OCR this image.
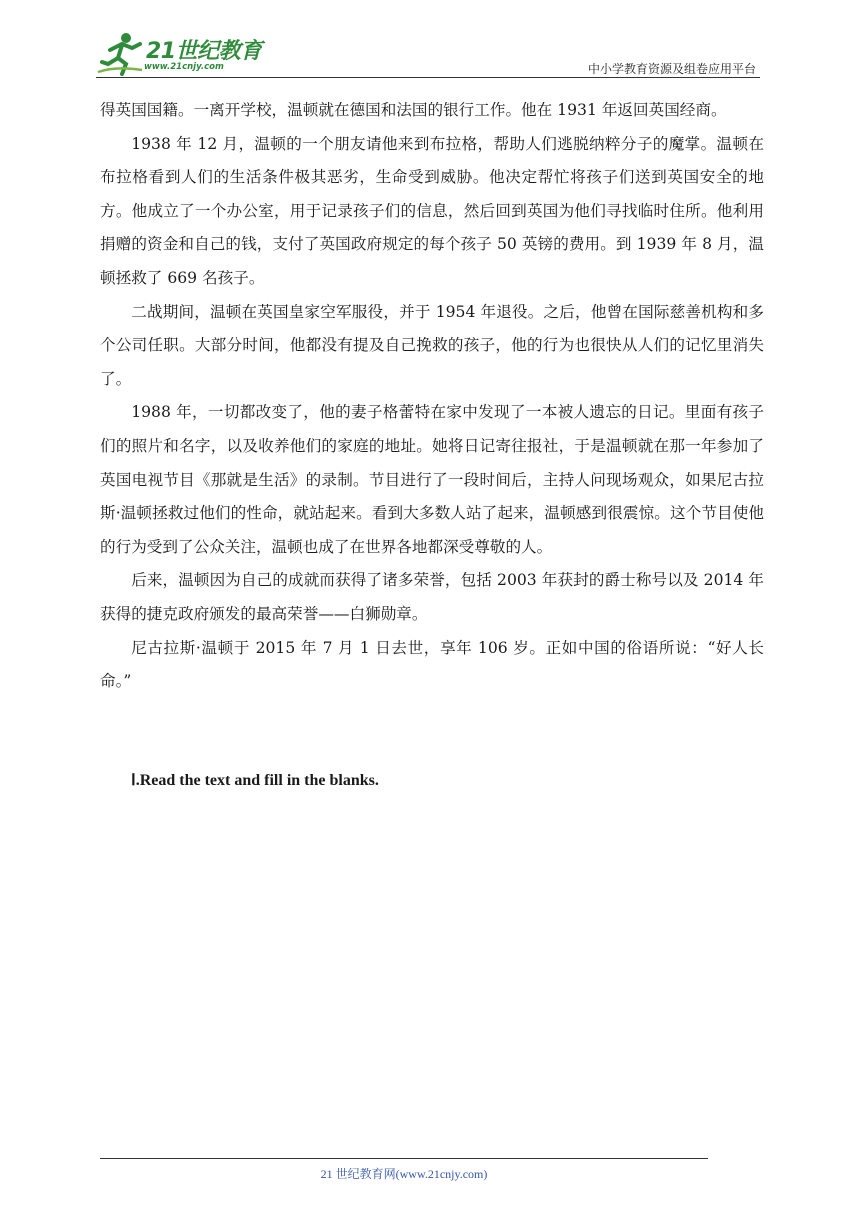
21世纪教育
www.21cnjy.com	中小学教育资源及组卷应用平台

得英国国籍。一离开学校，温顿就在德国和法国的银行工作。他在 1931 年返回英国经商。

1938 年 12 月，温顿的一个朋友请他来到布拉格，帮助人们逃脱纳粹分子的魔掌。温顿在布拉格看到人们的生活条件极其恶劣，生命受到威胁。他决定帮忙将孩子们送到英国安全的地方。他成立了一个办公室，用于记录孩子们的信息，然后回到英国为他们寻找临时住所。他利用捐赠的资金和自己的钱，支付了英国政府规定的每个孩子 50 英镑的费用。到 1939 年 8 月，温顿拯救了 669 名孩子。

二战期间，温顿在英国皇家空军服役，并于 1954 年退役。之后，他曾在国际慈善机构和多个公司任职。大部分时间，他都没有提及自己挽救的孩子，他的行为也很快从人们的记忆里消失了。

1988 年，一切都改变了，他的妻子格蕾特在家中发现了一本被人遗忘的日记。里面有孩子们的照片和名字，以及收养他们的家庭的地址。她将日记寄往报社，于是温顿就在那一年参加了英国电视节目《那就是生活》的录制。节目进行了一段时间后，主持人问现场观众，如果尼古拉斯·温顿拯救过他们的性命，就站起来。看到大多数人站了起来，温顿感到很震惊。这个节目使他的行为受到了公众关注，温顿也成了在世界各地都深受尊敬的人。

后来，温顿因为自己的成就而获得了诸多荣誉，包括 2003 年获封的爵士称号以及 2014 年获得的捷克政府颁发的最高荣誉——白狮勋章。

尼古拉斯·温顿于 2015 年 7 月 1 日去世，享年 106 岁。正如中国的俗语所说：“好人长命。”

Ⅰ.Read the text and fill in the blanks.
21 世纪教育网(www.21cnjy.com)
